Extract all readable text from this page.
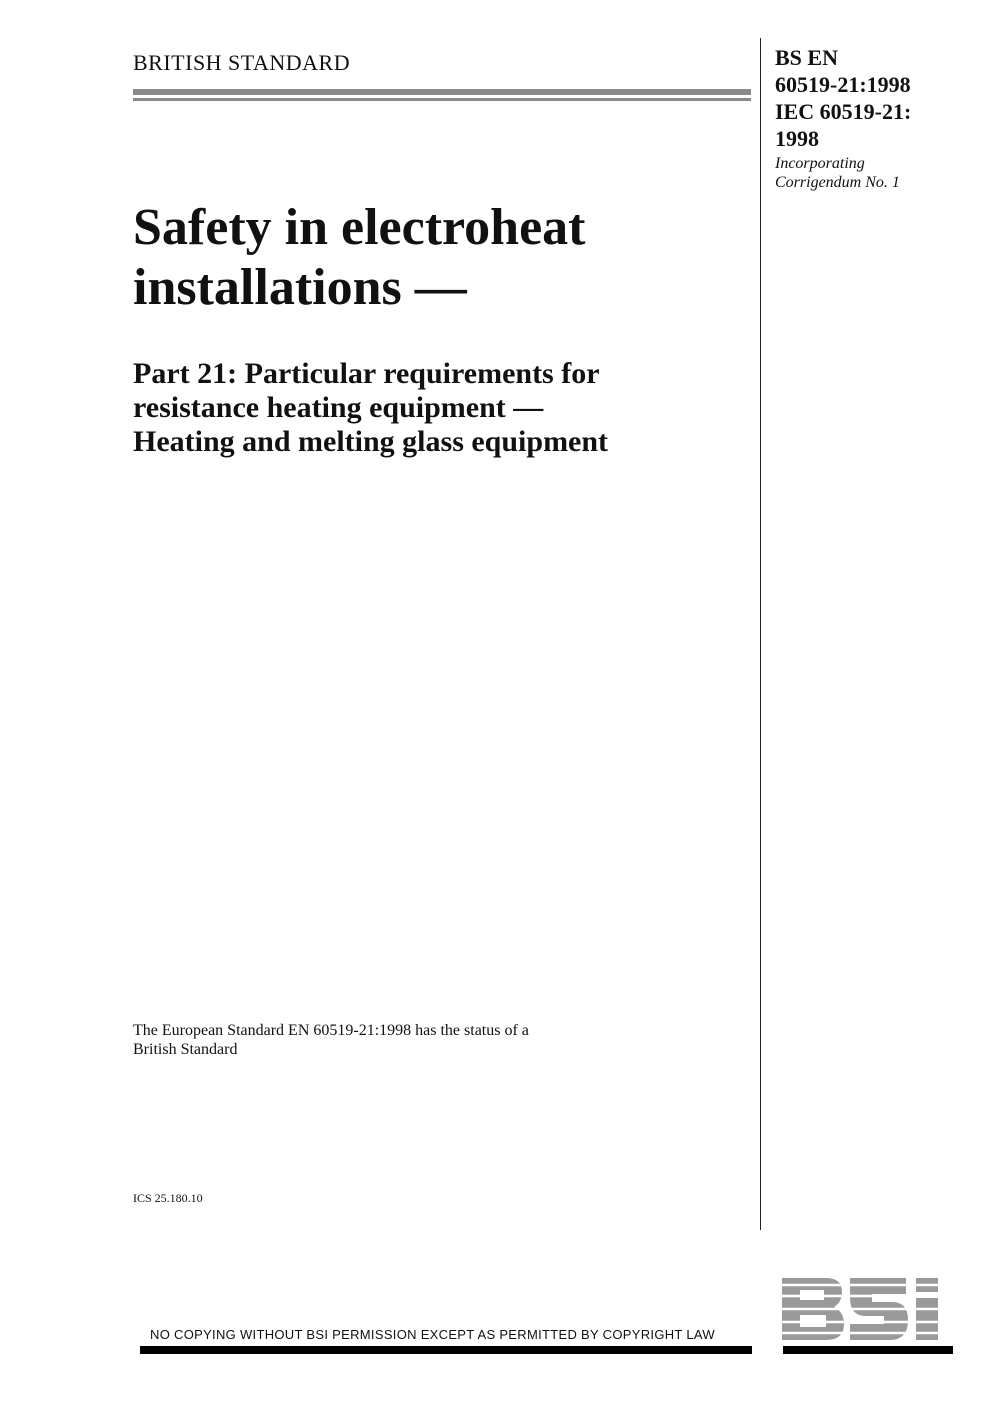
BRITISH STANDARD	BS EN
60519-21:1998
IEC 60519-21:
1998
Incorporating
Corrigendum No. 1
Safety in electroheat
installations —
Part 21: Particular requirements for
resistance heating equipment —
Heating and melting glass equipment
The European Standard EN 60519-21:1998 has the status of a
British Standard
ICS 25.180.10
NO COPYING WITHOUT BSI PERMISSION EXCEPT AS PERMITTED BY COPYRIGHT LAW
